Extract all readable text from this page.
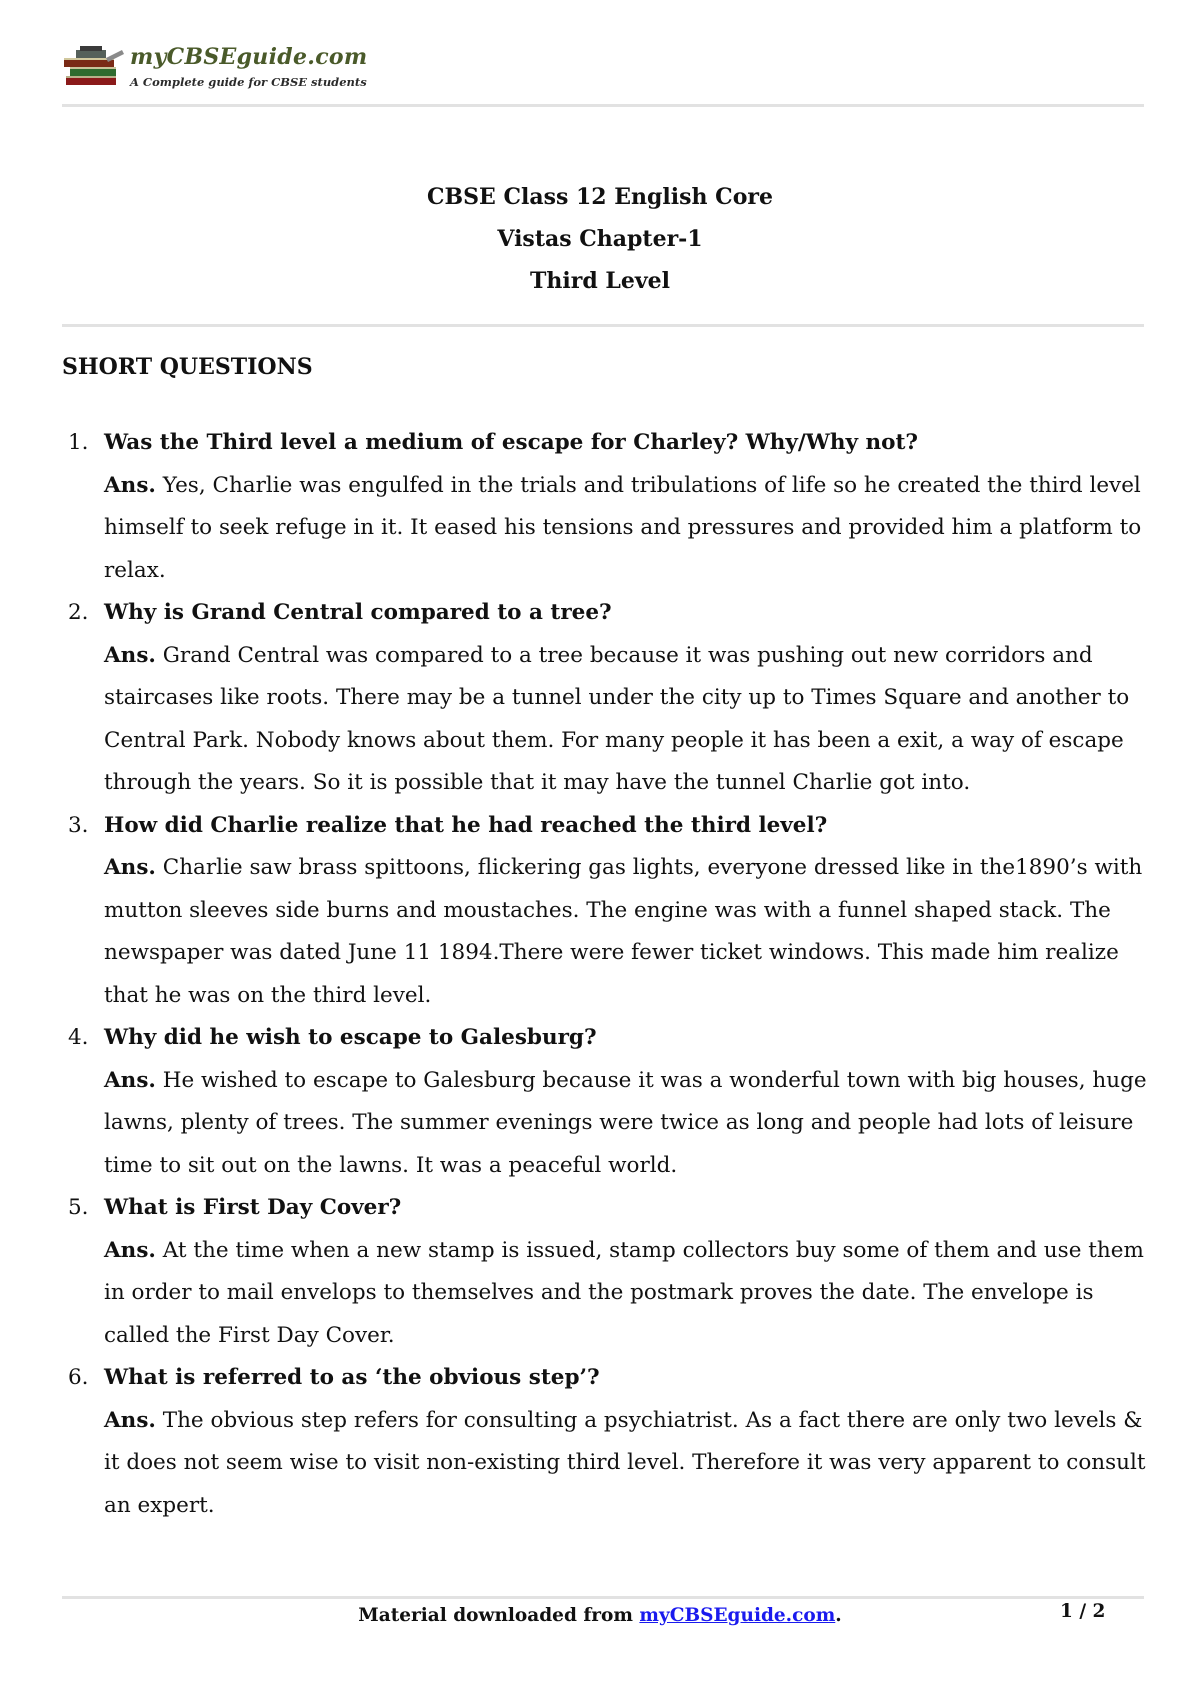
myCBSEguide.com
A Complete guide for CBSE students
CBSE Class 12 English Core
Vistas Chapter-1
Third Level
SHORT QUESTIONS
1. Was the Third level a medium of escape for Charley? Why/Why not?
Ans. Yes, Charlie was engulfed in the trials and tribulations of life so he created the third level himself to seek refuge in it. It eased his tensions and pressures and provided him a platform to relax.
2. Why is Grand Central compared to a tree?
Ans. Grand Central was compared to a tree because it was pushing out new corridors and staircases like roots. There may be a tunnel under the city up to Times Square and another to Central Park. Nobody knows about them. For many people it has been a exit, a way of escape through the years. So it is possible that it may have the tunnel Charlie got into.
3. How did Charlie realize that he had reached the third level?
Ans. Charlie saw brass spittoons, flickering gas lights, everyone dressed like in the1890’s with mutton sleeves side burns and moustaches. The engine was with a funnel shaped stack. The newspaper was dated June 11 1894.There were fewer ticket windows. This made him realize that he was on the third level.
4. Why did he wish to escape to Galesburg?
Ans. He wished to escape to Galesburg because it was a wonderful town with big houses, huge lawns, plenty of trees. The summer evenings were twice as long and people had lots of leisure time to sit out on the lawns. It was a peaceful world.
5. What is First Day Cover?
Ans. At the time when a new stamp is issued, stamp collectors buy some of them and use them in order to mail envelops to themselves and the postmark proves the date. The envelope is called the First Day Cover.
6. What is referred to as ‘the obvious step’?
Ans. The obvious step refers for consulting a psychiatrist. As a fact there are only two levels & it does not seem wise to visit non-existing third level. Therefore it was very apparent to consult an expert.
Material downloaded from myCBSEguide.com.	1 / 2
